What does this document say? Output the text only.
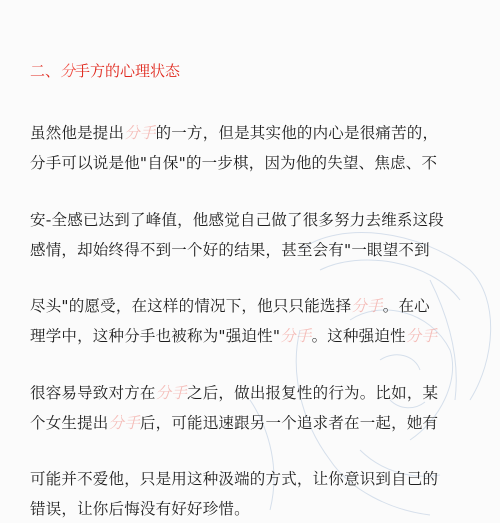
二、分手方的心理状态
虽然他是提出分手的一方，但是其实他的内心是很痛苦的，
分手可以说是他"自保"的一步棋，因为他的失望、焦虑、不
安-全感已达到了峰值，他感觉自己做了很多努力去维系这段
感情，却始终得不到一个好的结果，甚至会有"一眼望不到
尽头"的愿受，在这样的情况下，他只只能选择分手。在心
理学中，这种分手也被称为"强迫性"分手。这种强迫性分手
很容易导致对方在分手之后，做出报复性的行为。比如，某
个女生提出分手后，可能迅速跟另一个追求者在一起，她有
可能并不爱他，只是用这种汲端的方式，让你意识到自己的
错误，让你后悔没有好好珍惜。
